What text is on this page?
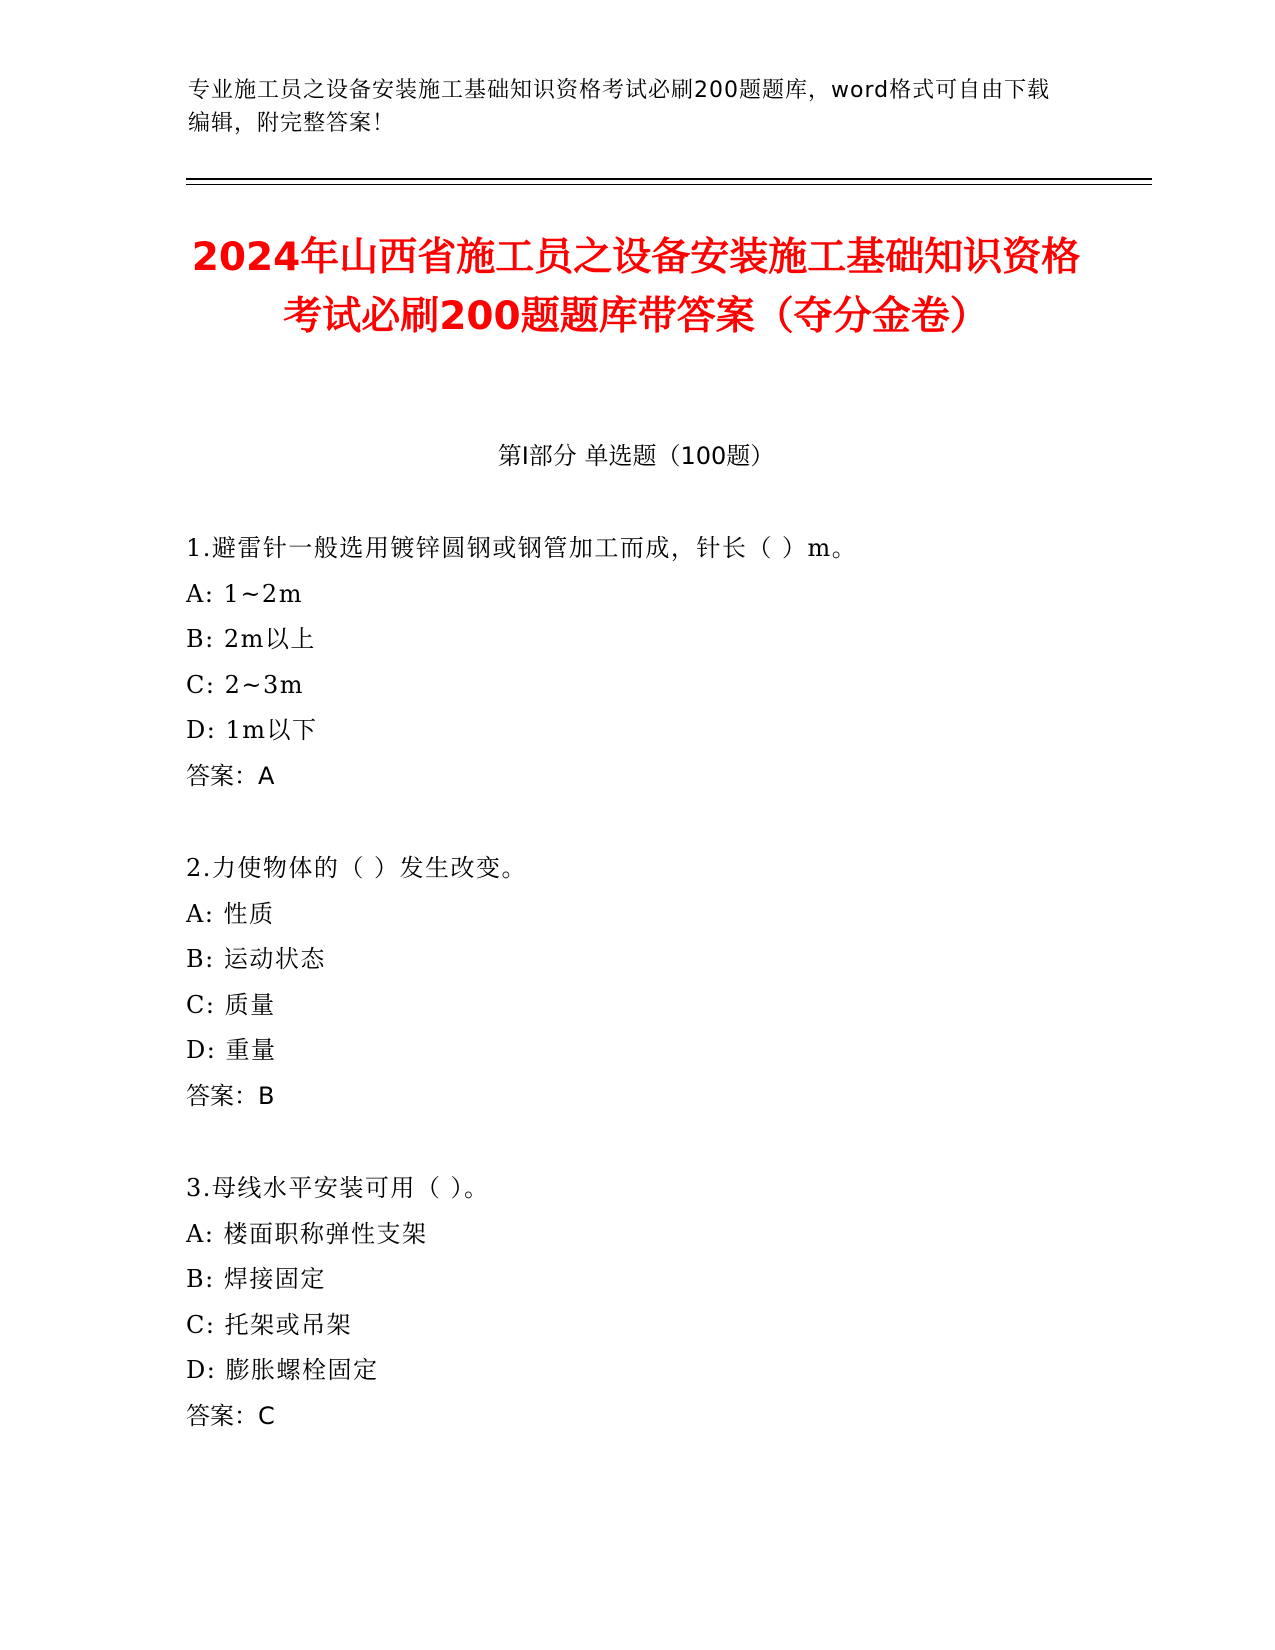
专业施工员之设备安装施工基础知识资格考试必刷200题题库，word格式可自由下载编辑，附完整答案！
2024年山西省施工员之设备安装施工基础知识资格考试必刷200题题库带答案（夺分金卷）
第Ⅰ部分 单选题（100题）
1.避雷针一般选用镀锌圆钢或钢管加工而成，针长（ ）m。
A: 1~2m
B: 2m以上
C: 2~3m
D: 1m以下
答案：A
2.力使物体的（ ）发生改变。
A: 性质
B: 运动状态
C: 质量
D: 重量
答案：B
3.母线水平安装可用（ ）。
A: 楼面职称弹性支架
B: 焊接固定
C: 托架或吊架
D: 膨胀螺栓固定
答案：C
